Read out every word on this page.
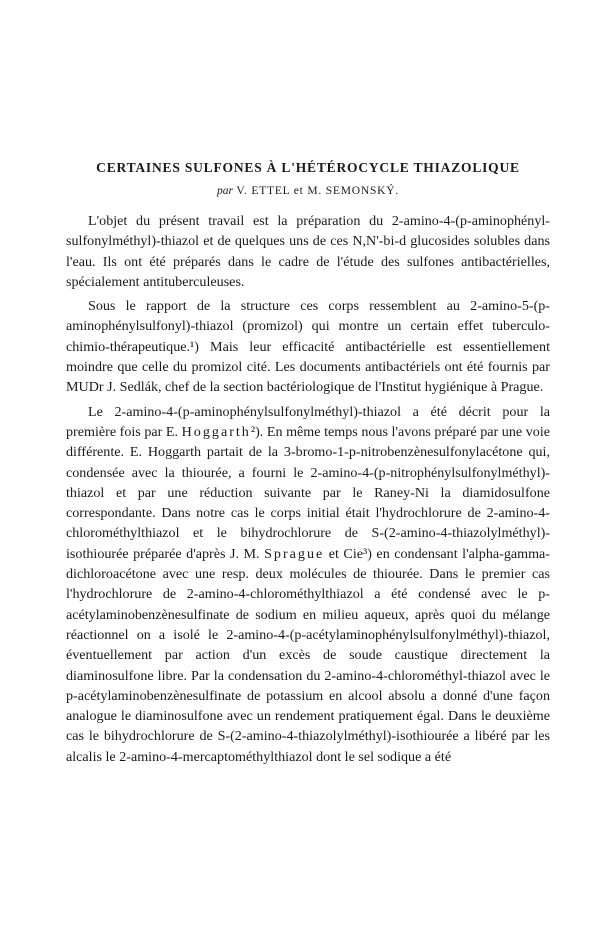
CERTAINES SULFONES À L'HÉTÉROCYCLE THIAZOLIQUE
par V. ETTEL et M. SEMONSKÝ.

L'objet du présent travail est la préparation du 2-amino-4-(p-aminophényl-sulfonylméthyl)-thiazol et de quelques uns de ces N,N'-bi-d glucosides solubles dans l'eau. Ils ont été préparés dans le cadre de l'étude des sulfones antibactérielles, spécialement antituberculeuses.

Sous le rapport de la structure ces corps ressemblent au 2-amino-5-(p-aminophénylsulfonyl)-thiazol (promizol) qui montre un certain effet tuberculo-chimio-thérapeutique.¹) Mais leur efficacité antibactérielle est essentiellement moindre que celle du promizol cité. Les documents antibactériels ont été fournis par MUDr J. Sedlák, chef de la section bactériologique de l'Institut hygiénique à Prague.

Le 2-amino-4-(p-aminophénylsulfonylméthyl)-thiazol a été décrit pour la première fois par E. Hoggarth²). En même temps nous l'avons préparé par une voie différente. E. Hoggarth partait de la 3-bromo-1-p-nitrobenzènesulfonylacétone qui, condensée avec la thiourée, a fourni le 2-amino-4-(p-nitrophénylsulfonylméthyl)-thiazol et par une réduction suivante par le Raney-Ni la diamidosulfone correspondante. Dans notre cas le corps initial était l'hydrochlorure de 2-amino-4-chlorométhylthiazol et le bihydrochlorure de S-(2-amino-4-thiazolylméthyl)-isothiourée préparée d'après J. M. Sprague et Cie³) en condensant l'alpha-gamma-dichloroacétone avec une resp. deux molécules de thiourée. Dans le premier cas l'hydrochlorure de 2-amino-4-chlorométhylthiazol a été condensé avec le p-acétylaminobenzènesulfinate de sodium en milieu aqueux, après quoi du mélange réactionnel on a isolé le 2-amino-4-(p-acétylaminophénylsulfonylméthyl)-thiazol, éventuellement par action d'un excès de soude caustique directement la diaminosulfone libre. Par la condensation du 2-amino-4-chlorométhyl-thiazol avec le p-acétylaminobenzènesulfinate de potassium en alcool absolu a donné d'une façon analogue le diaminosulfone avec un rendement pratiquement égal. Dans le deuxième cas le bihydrochlorure de S-(2-amino-4-thiazolylméthyl)-isothiourée a libéré par les alcalis le 2-amino-4-mercaptométhylthiazol dont le sel sodique a été
